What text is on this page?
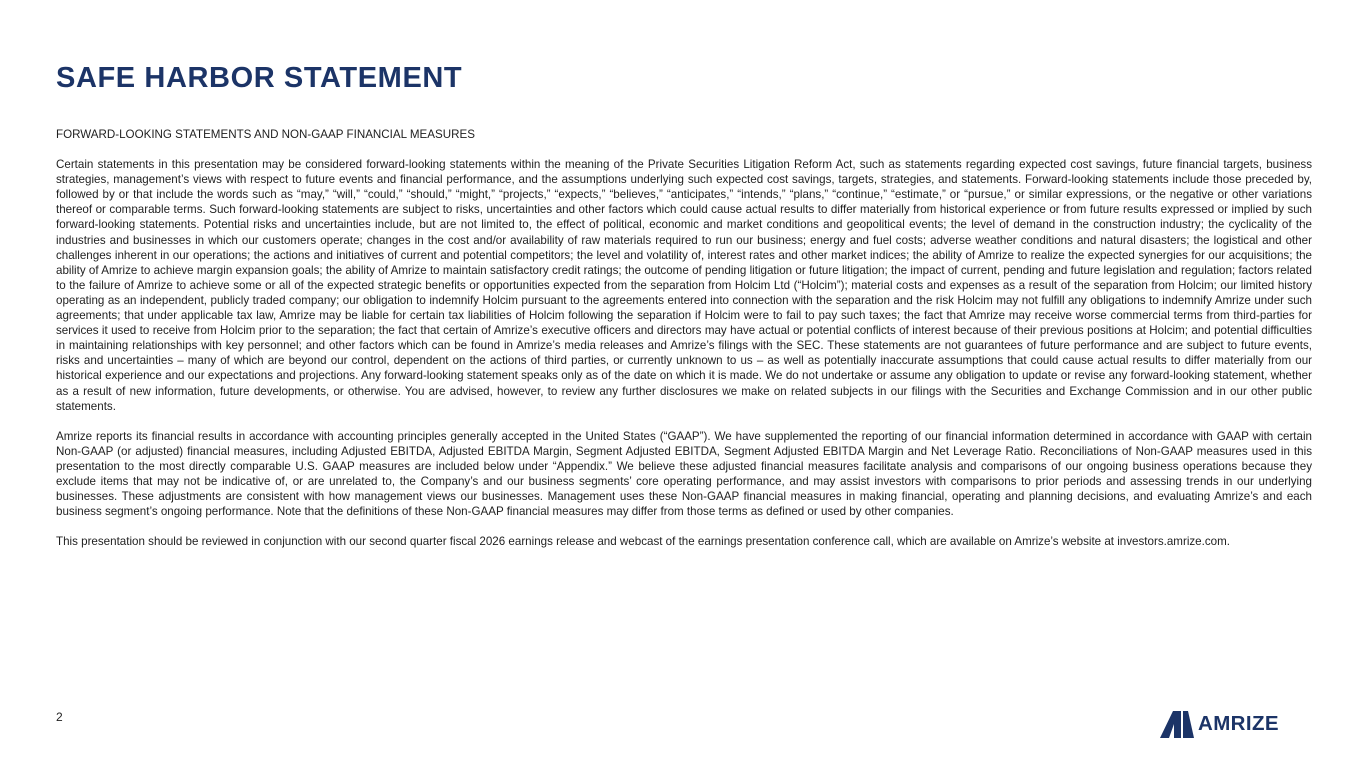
SAFE HARBOR STATEMENT

FORWARD-LOOKING STATEMENTS AND NON-GAAP FINANCIAL MEASURES

Certain statements in this presentation may be considered forward-looking statements within the meaning of the Private Securities Litigation Reform Act, such as statements regarding expected cost savings, future financial targets, business strategies, management’s views with respect to future events and financial performance, and the assumptions underlying such expected cost savings, targets, strategies, and statements. Forward-looking statements include those preceded by, followed by or that include the words such as “may,” “will,” “could,” “should,” “might,” “projects,” “expects,” “believes,” “anticipates,” “intends,” “plans,” “continue,” “estimate,” or “pursue,” or similar expressions, or the negative or other variations thereof or comparable terms. Such forward-looking statements are subject to risks, uncertainties and other factors which could cause actual results to differ materially from historical experience or from future results expressed or implied by such forward-looking statements. Potential risks and uncertainties include, but are not limited to, the effect of political, economic and market conditions and geopolitical events; the level of demand in the construction industry; the cyclicality of the industries and businesses in which our customers operate; changes in the cost and/or availability of raw materials required to run our business; energy and fuel costs; adverse weather conditions and natural disasters; the logistical and other challenges inherent in our operations; the actions and initiatives of current and potential competitors; the level and volatility of, interest rates and other market indices; the ability of Amrize to realize the expected synergies for our acquisitions; the ability of Amrize to achieve margin expansion goals; the ability of Amrize to maintain satisfactory credit ratings; the outcome of pending litigation or future litigation; the impact of current, pending and future legislation and regulation; factors related to the failure of Amrize to achieve some or all of the expected strategic benefits or opportunities expected from the separation from Holcim Ltd (“Holcim”); material costs and expenses as a result of the separation from Holcim; our limited history operating as an independent, publicly traded company; our obligation to indemnify Holcim pursuant to the agreements entered into connection with the separation and the risk Holcim may not fulfill any obligations to indemnify Amrize under such agreements; that under applicable tax law, Amrize may be liable for certain tax liabilities of Holcim following the separation if Holcim were to fail to pay such taxes; the fact that Amrize may receive worse commercial terms from third-parties for services it used to receive from Holcim prior to the separation; the fact that certain of Amrize’s executive officers and directors may have actual or potential conflicts of interest because of their previous positions at Holcim; and potential difficulties in maintaining relationships with key personnel; and other factors which can be found in Amrize’s media releases and Amrize’s filings with the SEC. These statements are not guarantees of future performance and are subject to future events, risks and uncertainties – many of which are beyond our control, dependent on the actions of third parties, or currently unknown to us – as well as potentially inaccurate assumptions that could cause actual results to differ materially from our historical experience and our expectations and projections. Any forward-looking statement speaks only as of the date on which it is made. We do not undertake or assume any obligation to update or revise any forward-looking statement, whether as a result of new information, future developments, or otherwise. You are advised, however, to review any further disclosures we make on related subjects in our filings with the Securities and Exchange Commission and in our other public statements.

Amrize reports its financial results in accordance with accounting principles generally accepted in the United States (“GAAP”). We have supplemented the reporting of our financial information determined in accordance with GAAP with certain Non-GAAP (or adjusted) financial measures, including Adjusted EBITDA, Adjusted EBITDA Margin, Segment Adjusted EBITDA, Segment Adjusted EBITDA Margin and Net Leverage Ratio. Reconciliations of Non-GAAP measures used in this presentation to the most directly comparable U.S. GAAP measures are included below under “Appendix.” We believe these adjusted financial measures facilitate analysis and comparisons of our ongoing business operations because they exclude items that may not be indicative of, or are unrelated to, the Company’s and our business segments’ core operating performance, and may assist investors with comparisons to prior periods and assessing trends in our underlying businesses. These adjustments are consistent with how management views our businesses. Management uses these Non-GAAP financial measures in making financial, operating and planning decisions, and evaluating Amrize’s and each business segment’s ongoing performance. Note that the definitions of these Non-GAAP financial measures may differ from those terms as defined or used by other companies.

This presentation should be reviewed in conjunction with our second quarter fiscal 2026 earnings release and webcast of the earnings presentation conference call, which are available on Amrize’s website at investors.amrize.com.

2	AMRIZE
